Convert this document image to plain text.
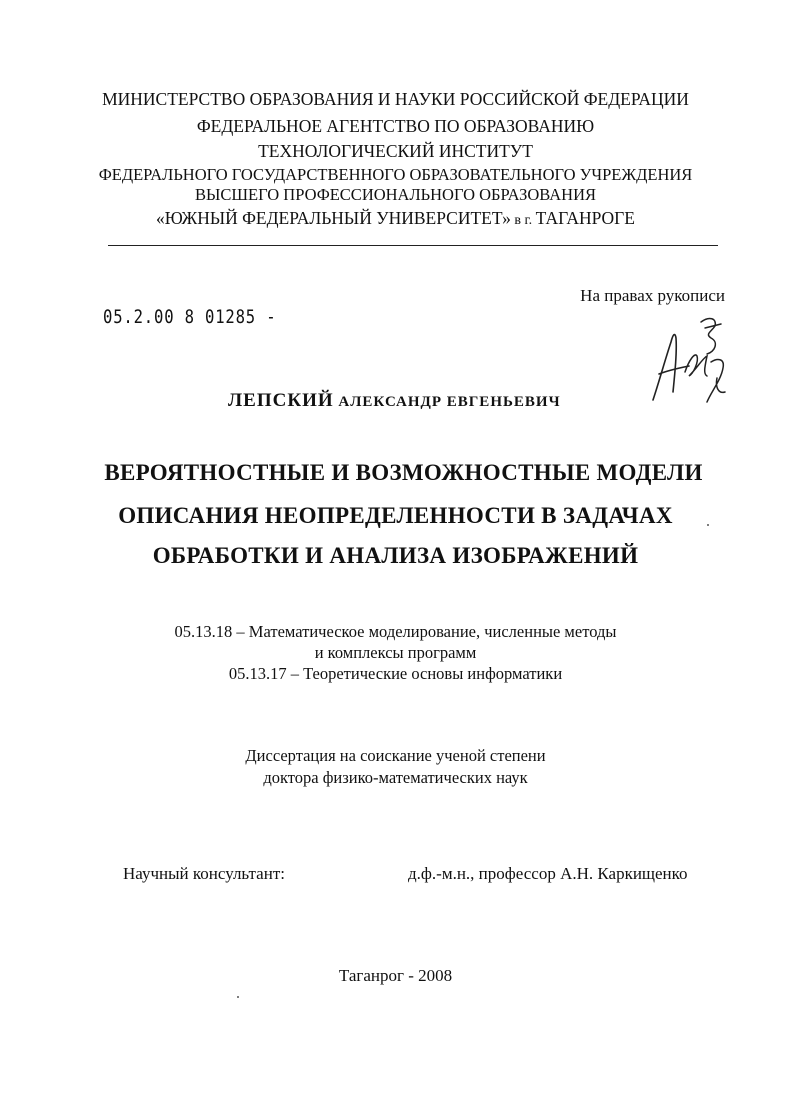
МИНИСТЕРСТВО ОБРАЗОВАНИЯ И НАУКИ РОССИЙСКОЙ ФЕДЕРАЦИИ
ФЕДЕРАЛЬНОЕ АГЕНТСТВО ПО ОБРАЗОВАНИЮ
ТЕХНОЛОГИЧЕСКИЙ ИНСТИТУТ
ФЕДЕРАЛЬНОГО ГОСУДАРСТВЕННОГО ОБРАЗОВАТЕЛЬНОГО УЧРЕЖДЕНИЯ
ВЫСШЕГО ПРОФЕССИОНАЛЬНОГО ОБРАЗОВАНИЯ
«ЮЖНЫЙ ФЕДЕРАЛЬНЫЙ УНИВЕРСИТЕТ» в г. ТАГАНРОГЕ
На правах рукописи
05.2.00 8 01285 -
ЛЕПСКИЙ АЛЕКСАНДР ЕВГЕНЬЕВИЧ
ВЕРОЯТНОСТНЫЕ И ВОЗМОЖНОСТНЫЕ МОДЕЛИ
ОПИСАНИЯ НЕОПРЕДЕЛЕННОСТИ В ЗАДАЧАХ
ОБРАБОТКИ И АНАЛИЗА ИЗОБРАЖЕНИЙ
05.13.18 – Математическое моделирование, численные методы
и комплексы программ
05.13.17 – Теоретические основы информатики
Диссертация на соискание ученой степени
доктора физико-математических наук
Научный консультант:	д.ф.-м.н., профессор А.Н. Каркищенко
Таганрог - 2008
